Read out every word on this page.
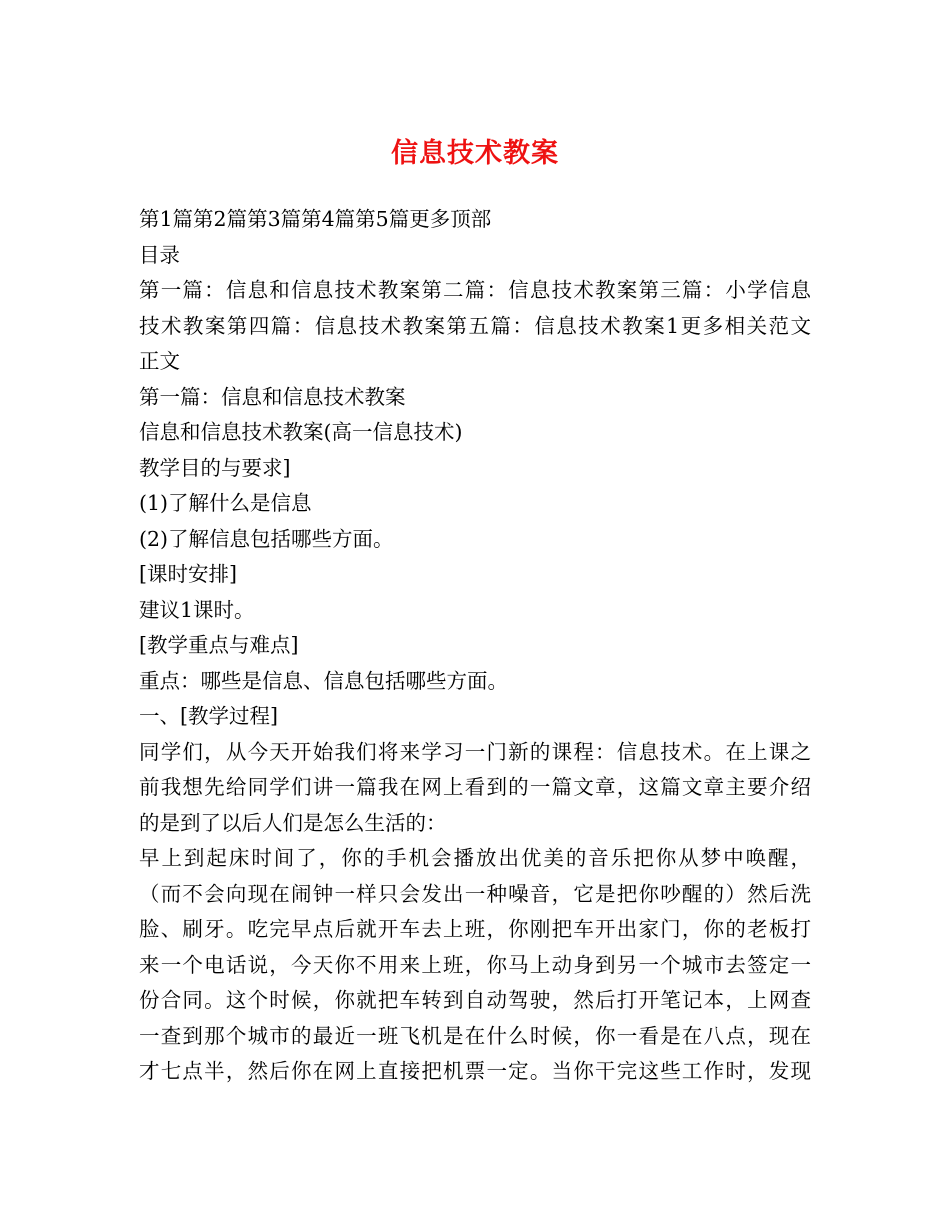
信息技术教案
第1篇第2篇第3篇第4篇第5篇更多顶部
目录
第一篇：信息和信息技术教案第二篇：信息技术教案第三篇：小学信息
技术教案第四篇：信息技术教案第五篇：信息技术教案1更多相关范文
正文
第一篇：信息和信息技术教案
信息和信息技术教案(高一信息技术)
教学目的与要求]
(1)了解什么是信息
(2)了解信息包括哪些方面。
[课时安排]
建议1课时。
[教学重点与难点]
重点：哪些是信息、信息包括哪些方面。
一、[教学过程]
同学们，从今天开始我们将来学习一门新的课程：信息技术。在上课之
前我想先给同学们讲一篇我在网上看到的一篇文章，这篇文章主要介绍
的是到了以后人们是怎么生活的：
早上到起床时间了，你的手机会播放出优美的音乐把你从梦中唤醒，
（而不会向现在闹钟一样只会发出一种噪音，它是把你吵醒的）然后洗
脸、刷牙。吃完早点后就开车去上班，你刚把车开出家门，你的老板打
来一个电话说，今天你不用来上班，你马上动身到另一个城市去签定一
份合同。这个时候，你就把车转到自动驾驶，然后打开笔记本，上网查
一查到那个城市的最近一班飞机是在什么时候，你一看是在八点，现在
才七点半，然后你在网上直接把机票一定。当你干完这些工作时，发现
